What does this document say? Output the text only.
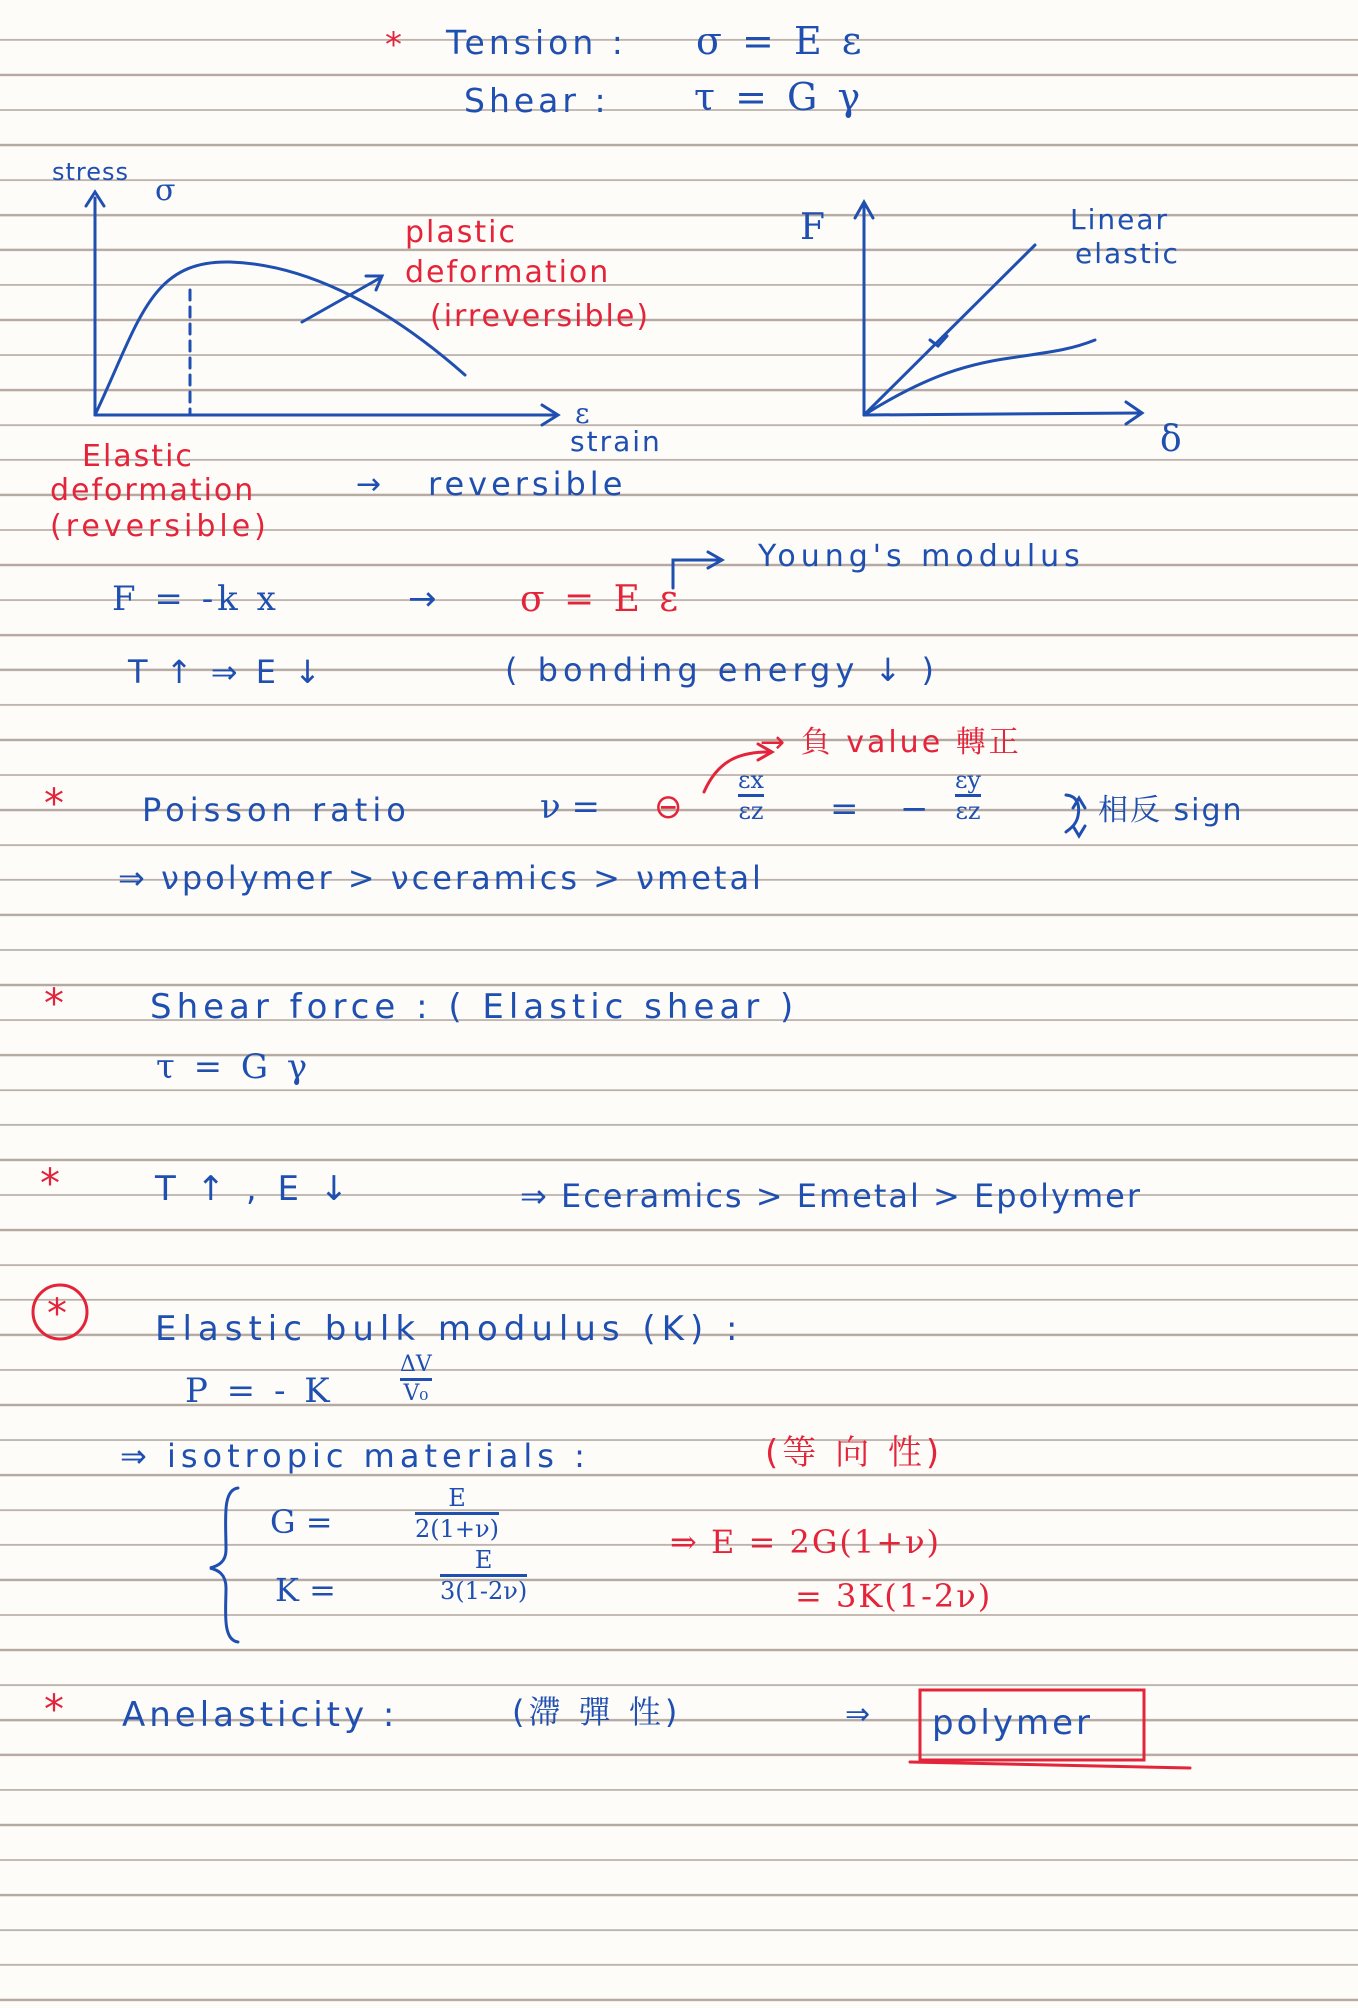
* Tension : σ = E ε
Shear : τ = G γ
stress
σ
ε
strain
plastic
deformation
(irreversible)
Elastic
deformation
(reversible)
→ reversible
F
δ
Linear
elastic
Young's modulus
F = -k x	→ σ = E ε
T ↑ ⇒ E ↓	( bonding energy ↓ )
*
→ 負 value 轉正
Poisson ratio	ν = ⊖
εx
εz = −
εy
εz	相反 sign
⇒ νpolymer > νceramics > νmetal
*	Shear force : ( Elastic shear )
τ = G γ
*	T ↑ , E ↓	⇒ Eceramics > Emetal > Epolymer
*	Elastic bulk modulus (K) :
P = - K
ΔV
V₀
⇒ isotropic materials :	(等 向 性)
G =
E
2(1+ν)
K =
E
3(1-2ν)
⇒ E = 2G(1+ν)
= 3K(1-2ν)
* Anelasticity :	(滯 彈 性)	⇒ polymer
